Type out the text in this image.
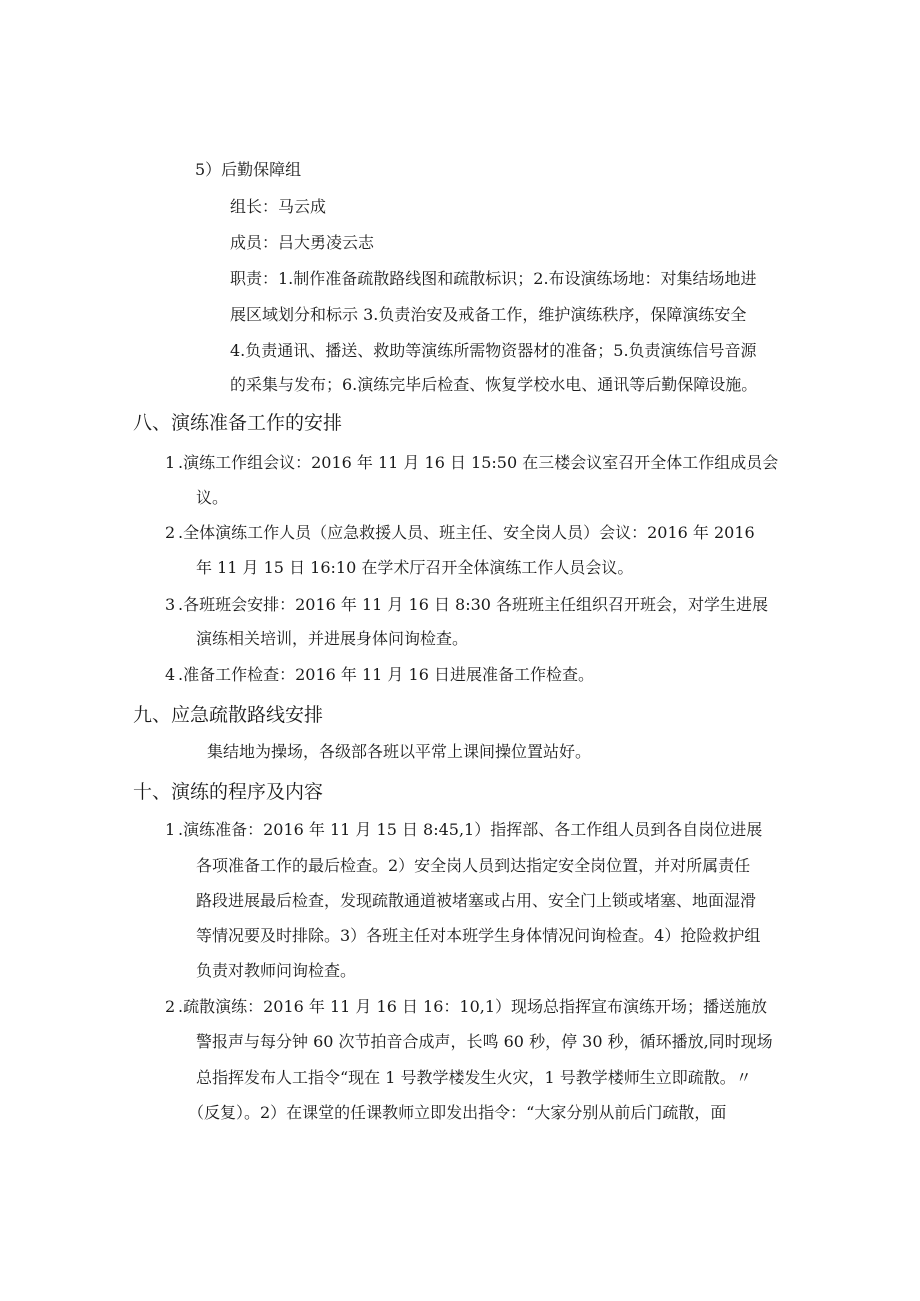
5）后勤保障组
组长：马云成
成员：吕大勇凌云志
职责：1.制作准备疏散路线图和疏散标识；2.布设演练场地：对集结场地进
展区域划分和标示 3.负责治安及戒备工作，维护演练秩序，保障演练安全
4.负责通讯、播送、救助等演练所需物资器材的准备；5.负责演练信号音源
的采集与发布；6.演练完毕后检查、恢复学校水电、通讯等后勤保障设施。
八、演练准备工作的安排
1 .演练工作组会议：2016 年 11 月 16 日 15:50 在三楼会议室召开全体工作组成员会
议。
2 .全体演练工作人员（应急救援人员、班主任、安全岗人员）会议：2016 年 2016
年 11 月 15 日 16:10 在学术厅召开全体演练工作人员会议。
3 .各班班会安排：2016 年 11 月 16 日 8:30 各班班主任组织召开班会，对学生进展
演练相关培训，并进展身体问询检查。
4 .准备工作检查：2016 年 11 月 16 日进展准备工作检查。
九、应急疏散路线安排
集结地为操场，各级部各班以平常上课间操位置站好。
十、演练的程序及内容
1 .演练准备：2016 年 11 月 15 日 8:45,1）指挥部、各工作组人员到各自岗位进展
各项准备工作的最后检查。2）安全岗人员到达指定安全岗位置，并对所属责任
路段进展最后检查，发现疏散通道被堵塞或占用、安全门上锁或堵塞、地面湿滑
等情况要及时排除。3）各班主任对本班学生身体情况问询检查。4）抢险救护组
负责对教师问询检查。
2 .疏散演练：2016 年 11 月 16 日 16：10,1）现场总指挥宣布演练开场；播送施放
警报声与每分钟 60 次节拍音合成声，长鸣 60 秒，停 30 秒，循环播放,同时现场
总指挥发布人工指令“现在 1 号教学楼发生火灾，1 号教学楼师生立即疏散。〃
（反复）。2）在课堂的任课教师立即发出指令：“大家分别从前后门疏散，面
